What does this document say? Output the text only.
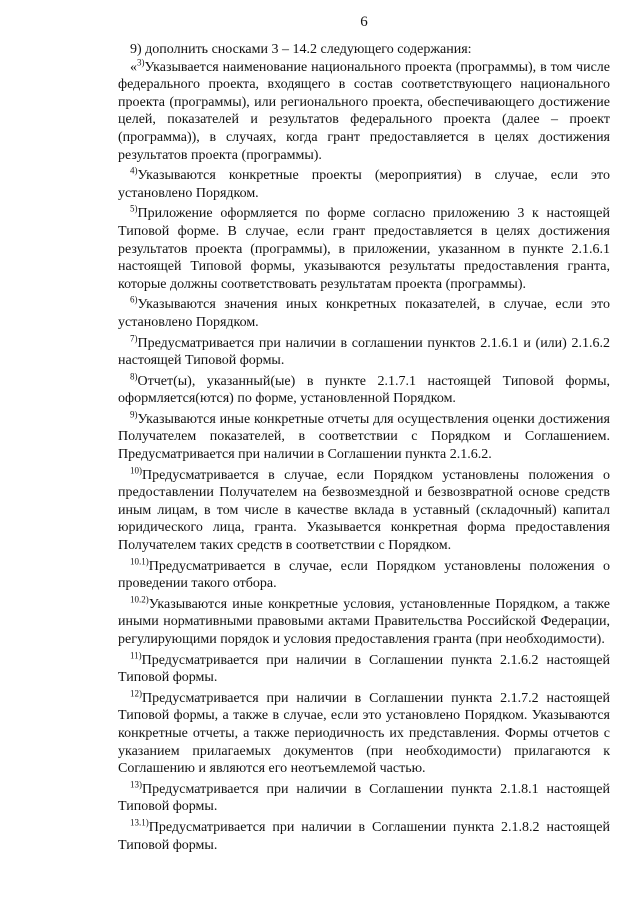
6

9) дополнить сносками 3 – 14.2 следующего содержания:

«$^{3)}$Указывается наименование национального проекта (программы), в том числе федерального проекта, входящего в состав соответствующего национального проекта (программы), или регионального проекта, обеспечивающего достижение целей, показателей и результатов федерального проекта (далее – проект (программа)), в случаях, когда грант предоставляется в целях достижения результатов проекта (программы).

$^{4)}$Указываются конкретные проекты (мероприятия) в случае, если это установлено Порядком.

$^{5)}$Приложение оформляется по форме согласно приложению 3 к настоящей Типовой форме. В случае, если грант предоставляется в целях достижения результатов проекта (программы), в приложении, указанном в пункте 2.1.6.1 настоящей Типовой формы, указываются результаты предоставления гранта, которые должны соответствовать результатам проекта (программы).

$^{6)}$Указываются значения иных конкретных показателей, в случае, если это установлено Порядком.

$^{7)}$Предусматривается при наличии в соглашении пунктов 2.1.6.1 и (или) 2.1.6.2 настоящей Типовой формы.

$^{8)}$Отчет(ы), указанный(ые) в пункте 2.1.7.1 настоящей Типовой формы, оформляется(ются) по форме, установленной Порядком.

$^{9)}$Указываются иные конкретные отчеты для осуществления оценки достижения Получателем показателей, в соответствии с Порядком и Соглашением. Предусматривается при наличии в Соглашении пункта 2.1.6.2.

$^{10)}$Предусматривается в случае, если Порядком установлены положения о предоставлении Получателем на безвозмездной и безвозвратной основе средств иным лицам, в том числе в качестве вклада в уставный (складочный) капитал юридического лица, гранта. Указывается конкретная форма предоставления Получателем таких средств в соответствии с Порядком.

$^{10.1)}$Предусматривается в случае, если Порядком установлены положения о проведении такого отбора.

$^{10.2)}$Указываются иные конкретные условия, установленные Порядком, а также иными нормативными правовыми актами Правительства Российской Федерации, регулирующими порядок и условия предоставления гранта (при необходимости).

$^{11)}$Предусматривается при наличии в Соглашении пункта 2.1.6.2 настоящей Типовой формы.

$^{12)}$Предусматривается при наличии в Соглашении пункта 2.1.7.2 настоящей Типовой формы, а также в случае, если это установлено Порядком. Указываются конкретные отчеты, а также периодичность их представления. Формы отчетов с указанием прилагаемых документов (при необходимости) прилагаются к Соглашению и являются его неотъемлемой частью.

$^{13)}$Предусматривается при наличии в Соглашении пункта 2.1.8.1 настоящей Типовой формы.

$^{13.1)}$Предусматривается при наличии в Соглашении пункта 2.1.8.2 настоящей Типовой формы.
